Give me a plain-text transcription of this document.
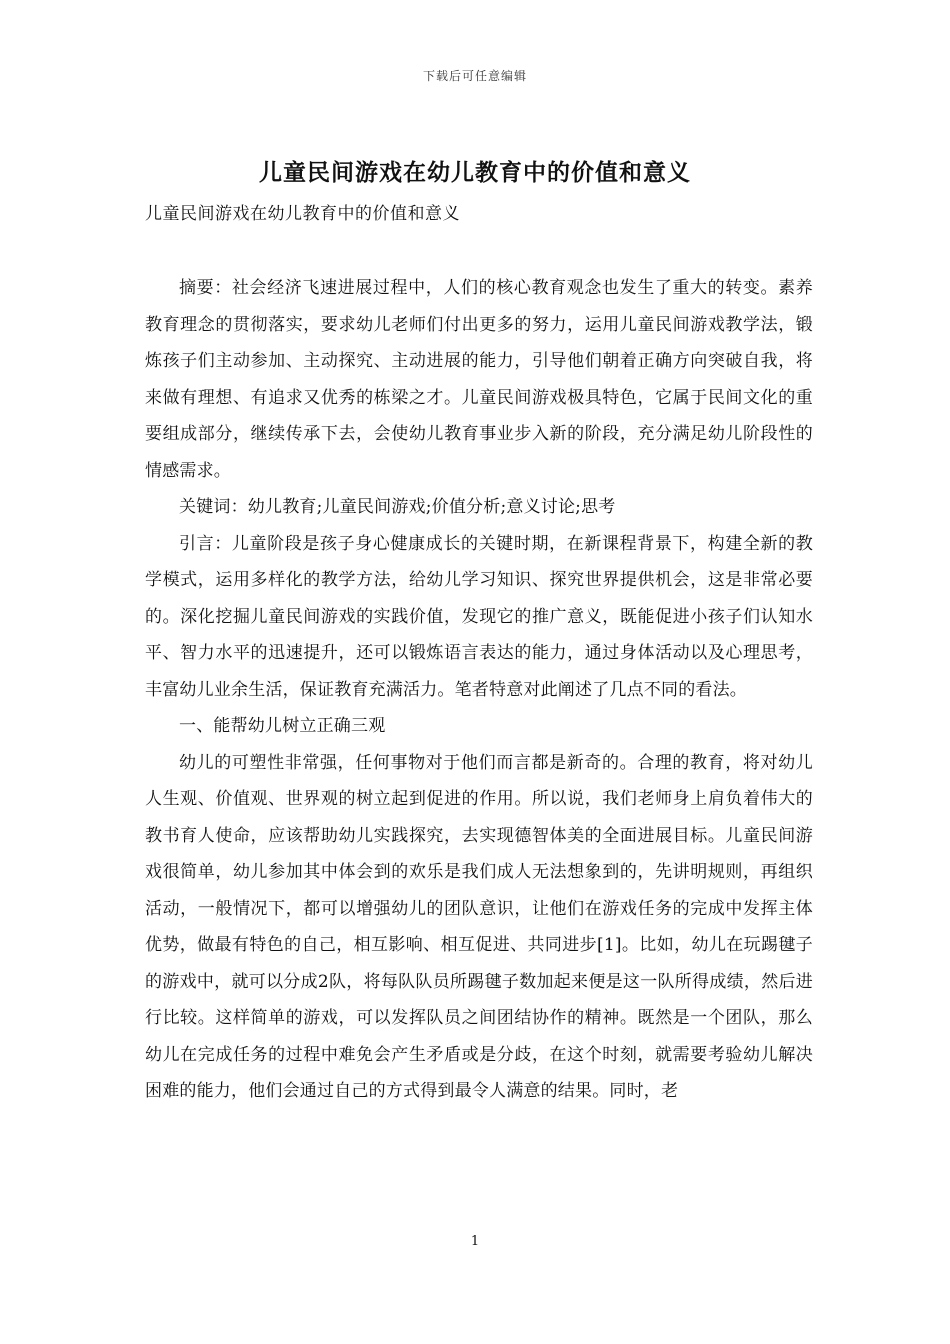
下载后可任意编辑
儿童民间游戏在幼儿教育中的价值和意义
儿童民间游戏在幼儿教育中的价值和意义

摘要：社会经济飞速进展过程中，人们的核心教育观念也发生了重大的转变。素养教育理念的贯彻落实，要求幼儿老师们付出更多的努力，运用儿童民间游戏教学法，锻炼孩子们主动参加、主动探究、主动进展的能力，引导他们朝着正确方向突破自我，将来做有理想、有追求又优秀的栋梁之才。儿童民间游戏极具特色，它属于民间文化的重要组成部分，继续传承下去，会使幼儿教育事业步入新的阶段，充分满足幼儿阶段性的情感需求。

关键词：幼儿教育;儿童民间游戏;价值分析;意义讨论;思考

引言：儿童阶段是孩子身心健康成长的关键时期，在新课程背景下，构建全新的教学模式，运用多样化的教学方法，给幼儿学习知识、探究世界提供机会，这是非常必要的。深化挖掘儿童民间游戏的实践价值，发现它的推广意义，既能促进小孩子们认知水平、智力水平的迅速提升，还可以锻炼语言表达的能力，通过身体活动以及心理思考，丰富幼儿业余生活，保证教育充满活力。笔者特意对此阐述了几点不同的看法。

一、能帮幼儿树立正确三观

幼儿的可塑性非常强，任何事物对于他们而言都是新奇的。合理的教育，将对幼儿人生观、价值观、世界观的树立起到促进的作用。所以说，我们老师身上肩负着伟大的教书育人使命，应该帮助幼儿实践探究，去实现德智体美的全面进展目标。儿童民间游戏很简单，幼儿参加其中体会到的欢乐是我们成人无法想象到的，先讲明规则，再组织活动，一般情况下，都可以增强幼儿的团队意识，让他们在游戏任务的完成中发挥主体优势，做最有特色的自己，相互影响、相互促进、共同进步[1]。比如，幼儿在玩踢毽子的游戏中，就可以分成2队，将每队队员所踢毽子数加起来便是这一队所得成绩，然后进行比较。这样简单的游戏，可以发挥队员之间团结协作的精神。既然是一个团队，那么幼儿在完成任务的过程中难免会产生矛盾或是分歧，在这个时刻，就需要考验幼儿解决困难的能力，他们会通过自己的方式得到最令人满意的结果。同时，老

1
